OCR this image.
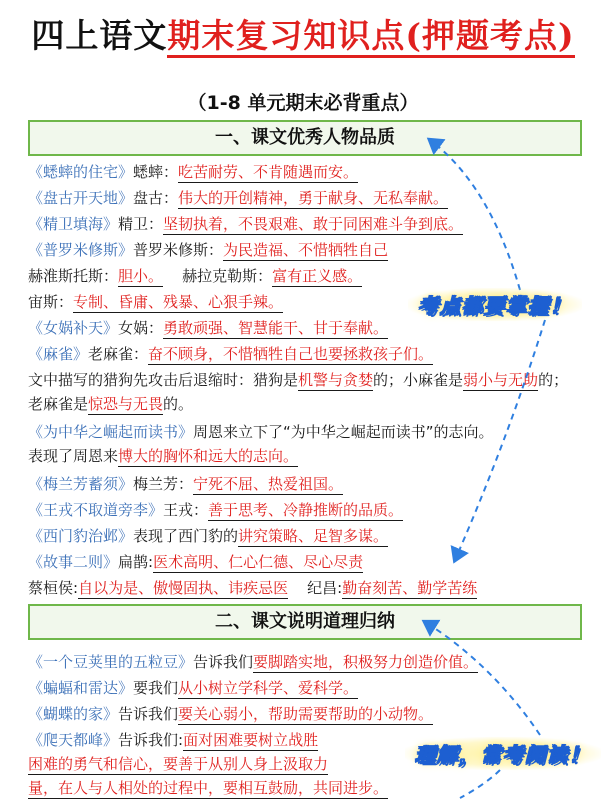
四上语文期末复习知识点(押题考点)
（1-8 单元期末必背重点）
一、课文优秀人物品质
《蟋蟀的住宅》蟋蟀：吃苦耐劳、不肯随遇而安。
《盘古开天地》盘古：伟大的开创精神，勇于献身、无私奉献。
《精卫填海》精卫：坚韧执着，不畏艰难、敢于同困难斗争到底。
《普罗米修斯》普罗米修斯：为民造福、不惜牺牲自己
赫淮斯托斯：胆小。 赫拉克勒斯：富有正义感。
宙斯：专制、昏庸、残暴、心狠手辣。
《女娲补天》女娲：勇敢顽强、智慧能干、甘于奉献。
《麻雀》老麻雀：奋不顾身，不惜牺牲自己也要拯救孩子们。
文中描写的猎狗先攻击后退缩时：猎狗是机警与贪婪的；小麻雀是弱小与无助的；老麻雀是惊恐与无畏的。
《为中华之崛起而读书》周恩来立下了“为中华之崛起而读书”的志向。
表现了周恩来博大的胸怀和远大的志向。
《梅兰芳蓄须》梅兰芳：宁死不屈、热爱祖国。
《王戎不取道旁李》王戎：善于思考、冷静推断的品质。
《西门豹治邺》表现了西门豹的讲究策略、足智多谋。
《故事二则》扁鹊:医术高明、仁心仁德、尽心尽责
蔡桓侯:自以为是、傲慢固执、讳疾忌医 纪昌:勤奋刻苦、勤学苦练
二、课文说明道理归纳
《一个豆荚里的五粒豆》告诉我们要脚踏实地，积极努力创造价值。
《蝙蝠和雷达》要我们从小树立学科学、爱科学。
《蝴蝶的家》告诉我们要关心弱小，帮助需要帮助的小动物。
《爬天都峰》告诉我们:面对困难要树立战胜
困难的勇气和信心，要善于从别人身上汲取力
量，在人与人相处的过程中，要相互鼓励，共同进步。
考点都要掌握！
理解，常考阅读！
